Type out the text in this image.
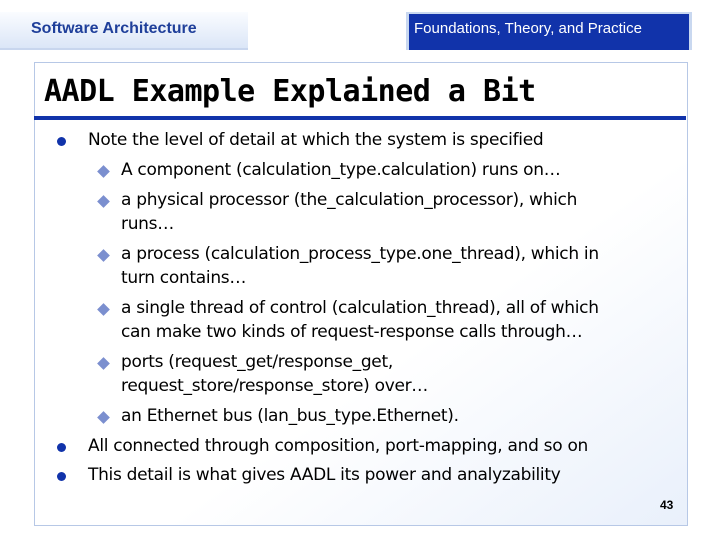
Software Architecture	Foundations, Theory, and Practice
AADL Example Explained a Bit
Note the level of detail at which the system is specified
A component (calculation_type.calculation) runs on…
a physical processor (the_calculation_processor), which
runs…
a process (calculation_process_type.one_thread), which in
turn contains…
a single thread of control (calculation_thread), all of which
can make two kinds of request-response calls through…
ports (request_get/response_get,
request_store/response_store) over…
an Ethernet bus (lan_bus_type.Ethernet).
All connected through composition, port-mapping, and so on
This detail is what gives AADL its power and analyzability
43
